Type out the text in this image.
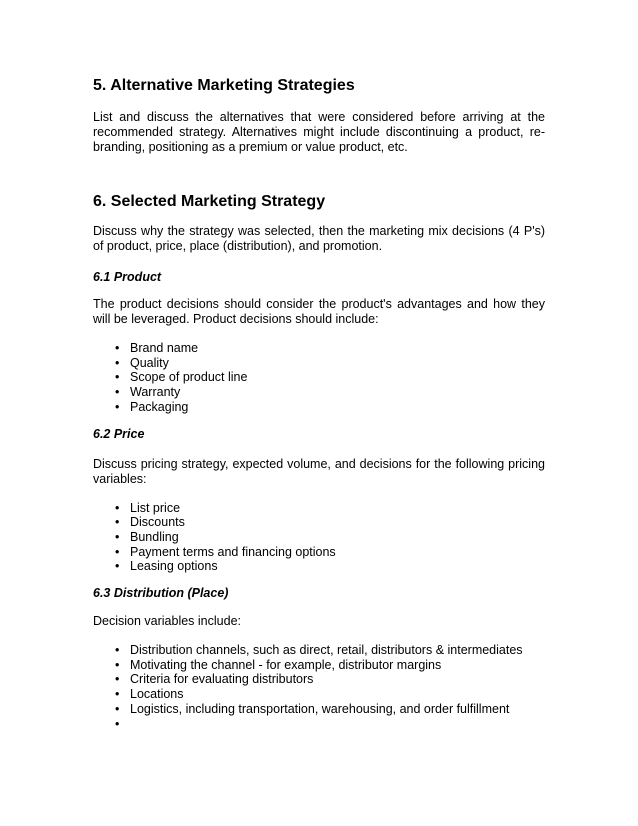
5. Alternative Marketing Strategies

List and discuss the alternatives that were considered before arriving at the recommended strategy. Alternatives might include discontinuing a product, re-branding, positioning as a premium or value product, etc.

6. Selected Marketing Strategy

Discuss why the strategy was selected, then the marketing mix decisions (4 P's) of product, price, place (distribution), and promotion.

6.1 Product

The product decisions should consider the product's advantages and how they will be leveraged. Product decisions should include:

• Brand name
• Quality
• Scope of product line
• Warranty
• Packaging
6.2 Price

Discuss pricing strategy, expected volume, and decisions for the following pricing variables:

• List price
• Discounts
• Bundling
• Payment terms and financing options
• Leasing options
6.3 Distribution (Place)

Decision variables include:

• Distribution channels, such as direct, retail, distributors & intermediates
• Motivating the channel - for example, distributor margins
• Criteria for evaluating distributors
• Locations
• Logistics, including transportation, warehousing, and order fulfillment
•
